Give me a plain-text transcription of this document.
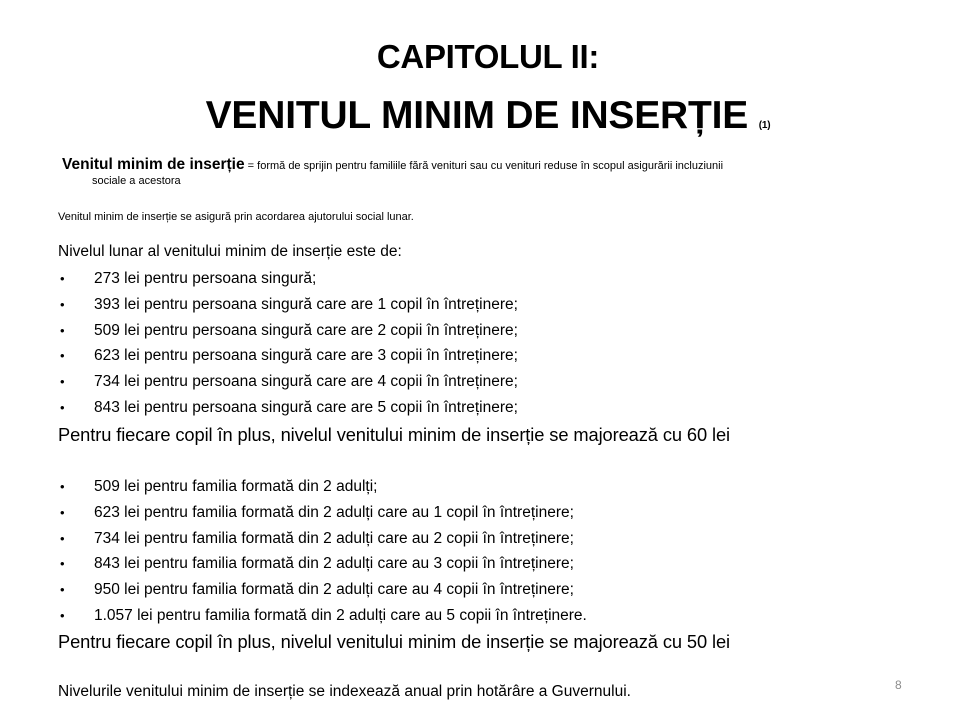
CAPITOLUL II:
VENITUL MINIM DE INSERȚIE (1)
Venitul minim de inserție = formă de sprijin pentru familiile fără venituri sau cu venituri reduse în scopul asigurării incluziunii
sociale a acestora
Venitul minim de inserție se asigură prin acordarea ajutorului social lunar.
Nivelul lunar al venitului minim de inserție este de:
• 273 lei pentru persoana singură;
• 393 lei pentru persoana singură care are 1 copil în întreținere;
• 509 lei pentru persoana singură care are 2 copii în întreținere;
• 623 lei pentru persoana singură care are 3 copii în întreținere;
• 734 lei pentru persoana singură care are 4 copii în întreținere;
• 843 lei pentru persoana singură care are 5 copii în întreținere;
Pentru fiecare copil în plus, nivelul venitului minim de inserție se majorează cu 60 lei
• 509 lei pentru familia formată din 2 adulți;
• 623 lei pentru familia formată din 2 adulți care au 1 copil în întreținere;
• 734 lei pentru familia formată din 2 adulți care au 2 copii în întreținere;
• 843 lei pentru familia formată din 2 adulți care au 3 copii în întreținere;
• 950 lei pentru familia formată din 2 adulți care au 4 copii în întreținere;
• 1.057 lei pentru familia formată din 2 adulți care au 5 copii în întreținere.
Pentru fiecare copil în plus, nivelul venitului minim de inserție se majorează cu 50 lei
Nivelurile venitului minim de inserție se indexează anual prin hotărâre a Guvernului.	8
